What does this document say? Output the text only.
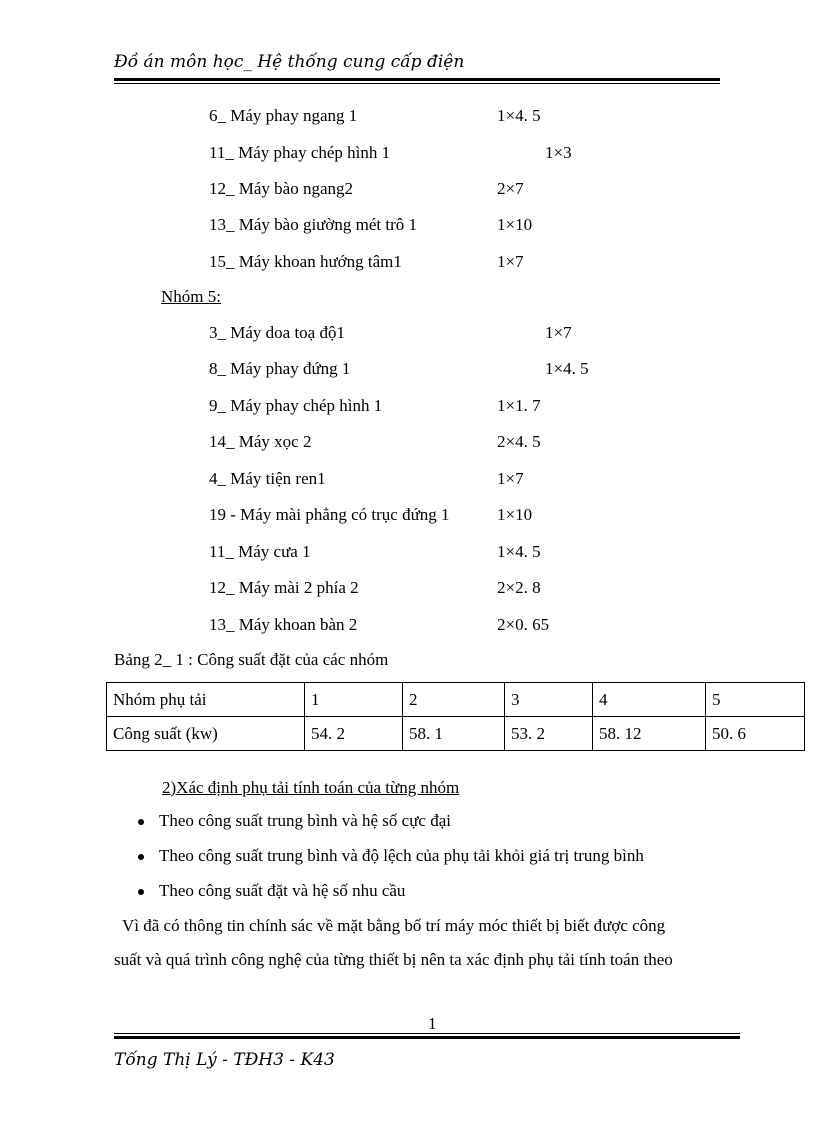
Đồ án môn học_ Hệ thống cung cấp điện
6_ Máy phay ngang 1	1×4. 5
11_ Máy phay chép hình 1	1×3
12_ Máy bào ngang2	2×7
13_ Máy bào giường mét trô 1	1×10
15_ Máy khoan hướng tâm1	1×7
Nhóm 5:
3_ Máy doa toạ độ1	1×7
8_ Máy phay đứng 1	1×4. 5
9_ Máy phay chép hình 1	1×1. 7
14_ Máy xọc 2	2×4. 5
4_ Máy tiện ren1	1×7
19 - Máy mài phẳng có trục đứng 1	1×10
11_ Máy cưa 1	1×4. 5
12_ Máy mài 2 phía 2	2×2. 8
13_ Máy khoan bàn 2	2×0. 65
Bảng 2_ 1 : Công suất đặt của các nhóm
Nhóm phụ tải	1	2	3	4	5
Công suất (kw)	54. 2	58. 1	53. 2	58. 12	50. 6
2)Xác định phụ tải tính toán của từng nhóm
Theo công suất trung bình và hệ số cực đại
Theo công suất trung bình và độ lệch của phụ tải khỏi giá trị trung bình
Theo công suất đặt và hệ số nhu cầu
Vì đã có thông tin chính sác về mặt bằng bố trí máy móc thiết bị biết được công
suất và quá trình công nghệ của từng thiết bị nên ta xác định phụ tải tính toán theo
1
Tống Thị Lý - TĐH3 - K43
